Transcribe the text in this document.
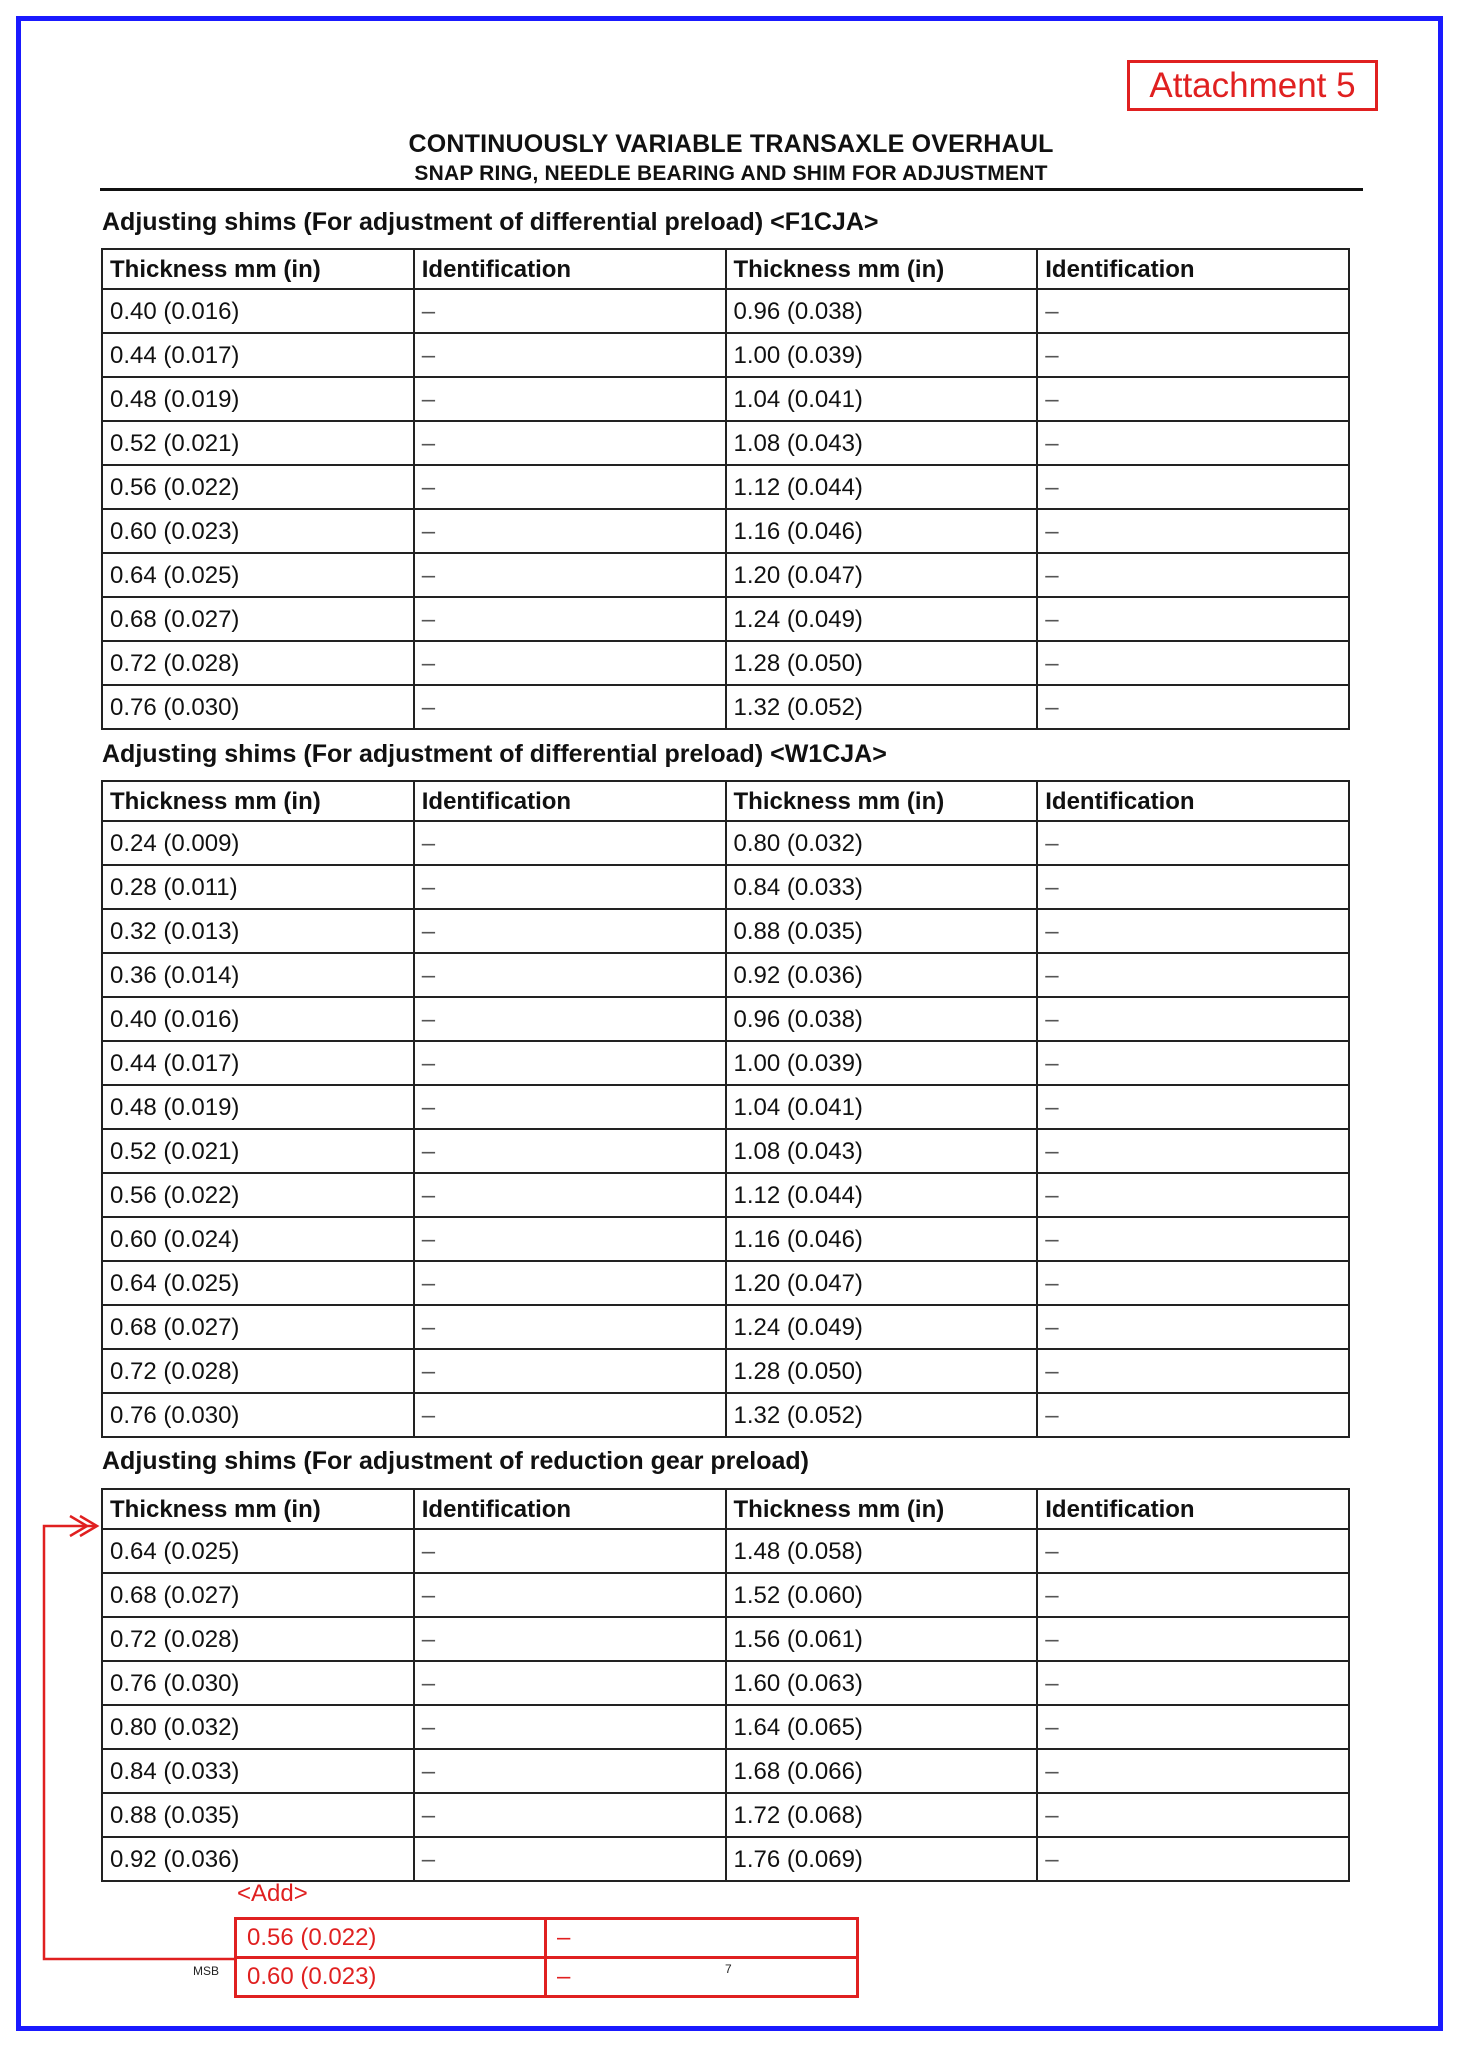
Attachment 5
CONTINUOUSLY VARIABLE TRANSAXLE OVERHAUL
SNAP RING, NEEDLE BEARING AND SHIM FOR ADJUSTMENT
Adjusting shims (For adjustment of differential preload) <F1CJA>
Thickness mm (in)	Identification	Thickness mm (in)	Identification
0.40 (0.016)	–	0.96 (0.038)	–
0.44 (0.017)	–	1.00 (0.039)	–
0.48 (0.019)	–	1.04 (0.041)	–
0.52 (0.021)	–	1.08 (0.043)	–
0.56 (0.022)	–	1.12 (0.044)	–
0.60 (0.023)	–	1.16 (0.046)	–
0.64 (0.025)	–	1.20 (0.047)	–
0.68 (0.027)	–	1.24 (0.049)	–
0.72 (0.028)	–	1.28 (0.050)	–
0.76 (0.030)	–	1.32 (0.052)	–
Adjusting shims (For adjustment of differential preload) <W1CJA>
Thickness mm (in)	Identification	Thickness mm (in)	Identification
0.24 (0.009)	–	0.80 (0.032)	–
0.28 (0.011)	–	0.84 (0.033)	–
0.32 (0.013)	–	0.88 (0.035)	–
0.36 (0.014)	–	0.92 (0.036)	–
0.40 (0.016)	–	0.96 (0.038)	–
0.44 (0.017)	–	1.00 (0.039)	–
0.48 (0.019)	–	1.04 (0.041)	–
0.52 (0.021)	–	1.08 (0.043)	–
0.56 (0.022)	–	1.12 (0.044)	–
0.60 (0.024)	–	1.16 (0.046)	–
0.64 (0.025)	–	1.20 (0.047)	–
0.68 (0.027)	–	1.24 (0.049)	–
0.72 (0.028)	–	1.28 (0.050)	–
0.76 (0.030)	–	1.32 (0.052)	–
Adjusting shims (For adjustment of reduction gear preload)
Thickness mm (in)	Identification	Thickness mm (in)	Identification
0.64 (0.025)	–	1.48 (0.058)	–
0.68 (0.027)	–	1.52 (0.060)	–
0.72 (0.028)	–	1.56 (0.061)	–
0.76 (0.030)	–	1.60 (0.063)	–
0.80 (0.032)	–	1.64 (0.065)	–
0.84 (0.033)	–	1.68 (0.066)	–
0.88 (0.035)	–	1.72 (0.068)	–
0.92 (0.036)	–	1.76 (0.069)	–
<Add>
0.56 (0.022)	–
0.60 (0.023)	–
MSB	7
